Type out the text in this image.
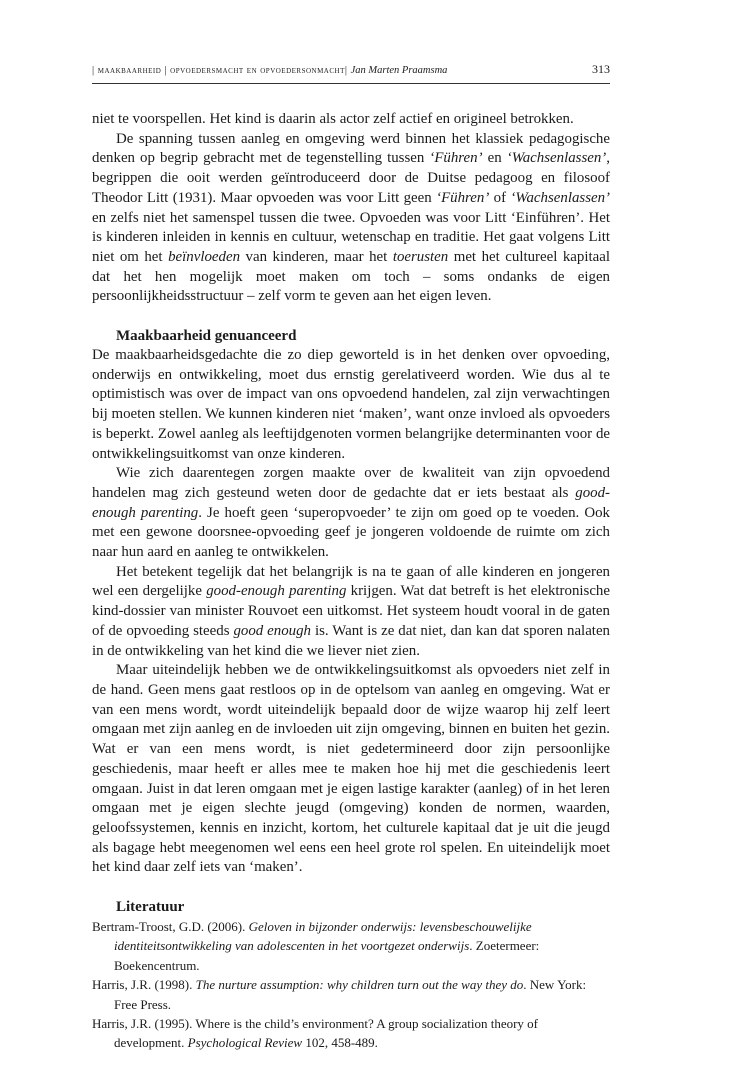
| maakbaarheid | opvoedersmacht en opvoedersonmacht| Jan Marten Praamsma	313

niet te voorspellen. Het kind is daarin als actor zelf actief en origineel betrokken.

De spanning tussen aanleg en omgeving werd binnen het klassiek pedagogische denken op begrip gebracht met de tegenstelling tussen ‘Führen’ en ‘Wachsenlassen’, begrippen die ooit werden geïntroduceerd door de Duitse pedagoog en filosoof Theodor Litt (1931). Maar opvoeden was voor Litt geen ‘Führen’ of ‘Wachsenlassen’ en zelfs niet het samenspel tussen die twee. Opvoeden was voor Litt ‘Einführen’. Het is kinderen inleiden in kennis en cultuur, wetenschap en traditie. Het gaat volgens Litt niet om het beïnvloeden van kinderen, maar het toerusten met het cultureel kapitaal dat het hen mogelijk moet maken om toch – soms ondanks de eigen persoonlijkheidsstructuur – zelf vorm te geven aan het eigen leven.

Maakbaarheid genuanceerd

De maakbaarheidsgedachte die zo diep geworteld is in het denken over opvoeding, onderwijs en ontwikkeling, moet dus ernstig gerelativeerd worden. Wie dus al te optimistisch was over de impact van ons opvoedend handelen, zal zijn verwachtingen bij moeten stellen. We kunnen kinderen niet ‘maken’, want onze invloed als opvoeders is beperkt. Zowel aanleg als leeftijdgenoten vormen belangrijke determinanten voor de ontwikkelingsuitkomst van onze kinderen.

Wie zich daarentegen zorgen maakte over de kwaliteit van zijn opvoedend handelen mag zich gesteund weten door de gedachte dat er iets bestaat als good-enough parenting. Je hoeft geen ‘superopvoeder’ te zijn om goed op te voeden. Ook met een gewone doorsnee-opvoeding geef je jongeren voldoende de ruimte om zich naar hun aard en aanleg te ontwikkelen.

Het betekent tegelijk dat het belangrijk is na te gaan of alle kinderen en jongeren wel een dergelijke good-enough parenting krijgen. Wat dat betreft is het elektronische kind-dossier van minister Rouvoet een uitkomst. Het systeem houdt vooral in de gaten of de opvoeding steeds good enough is. Want is ze dat niet, dan kan dat sporen nalaten in de ontwikkeling van het kind die we liever niet zien.

Maar uiteindelijk hebben we de ontwikkelingsuitkomst als opvoeders niet zelf in de hand. Geen mens gaat restloos op in de optelsom van aanleg en omgeving. Wat er van een mens wordt, wordt uiteindelijk bepaald door de wijze waarop hij zelf leert omgaan met zijn aanleg en de invloeden uit zijn omgeving, binnen en buiten het gezin. Wat er van een mens wordt, is niet gedetermineerd door zijn persoonlijke geschiedenis, maar heeft er alles mee te maken hoe hij met die geschiedenis leert omgaan. Juist in dat leren omgaan met je eigen lastige karakter (aanleg) of in het leren omgaan met je eigen slechte jeugd (omgeving) konden de normen, waarden, geloofssystemen, kennis en inzicht, kortom, het culturele kapitaal dat je uit die jeugd als bagage hebt meegenomen wel eens een heel grote rol spelen. En uiteindelijk moet het kind daar zelf iets van ‘maken’.

Literatuur
Bertram-Troost, G.D. (2006). Geloven in bijzonder onderwijs: levensbeschouwelijke identiteitsontwikkeling van adolescenten in het voortgezet onderwijs. Zoetermeer: Boekencentrum.
Harris, J.R. (1998). The nurture assumption: why children turn out the way they do. New York: Free Press.
Harris, J.R. (1995). Where is the child’s environment? A group socialization theory of development. Psychological Review 102, 458-489.
